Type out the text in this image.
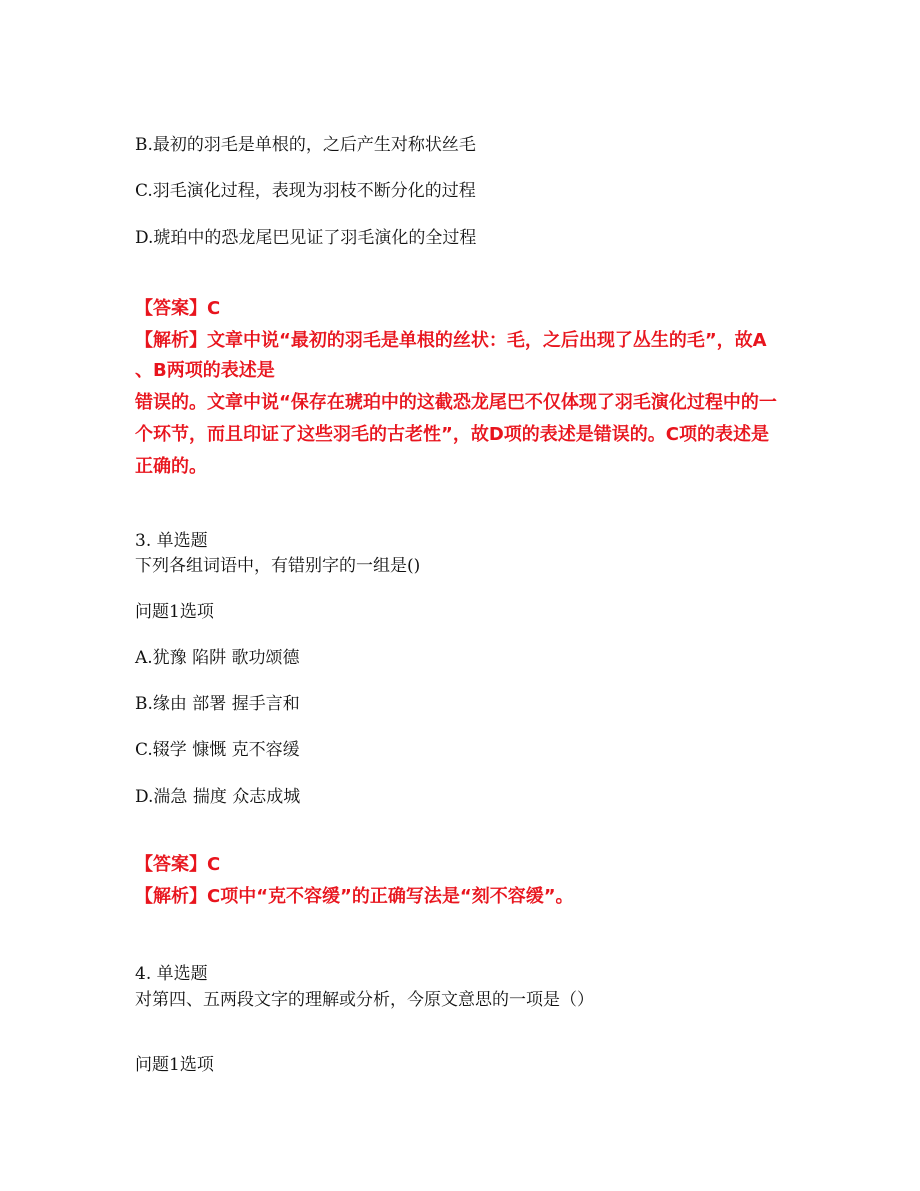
B.最初的羽毛是单根的，之后产生对称状丝毛
C.羽毛演化过程，表现为羽枝不断分化的过程
D.琥珀中的恐龙尾巴见证了羽毛演化的全过程
【答案】C
【解析】文章中说“最初的羽毛是单根的丝状：毛，之后出现了丛生的毛”，故A
、B两项的表述是
错误的。文章中说“保存在琥珀中的这截恐龙尾巴不仅体现了羽毛演化过程中的一
个环节，而且印证了这些羽毛的古老性”，故D项的表述是错误的。C项的表述是
正确的。
3. 单选题
下列各组词语中，有错别字的一组是()
问题1选项
A.犹豫 陷阱 歌功颂德
B.缘由 部署 握手言和
C.辍学 慷慨 克不容缓
D.湍急 揣度 众志成城
【答案】C
【解析】C项中“克不容缓”的正确写法是“刻不容缓”。
4. 单选题
对第四、五两段文字的理解或分析，今原文意思的一项是（）
问题1选项
